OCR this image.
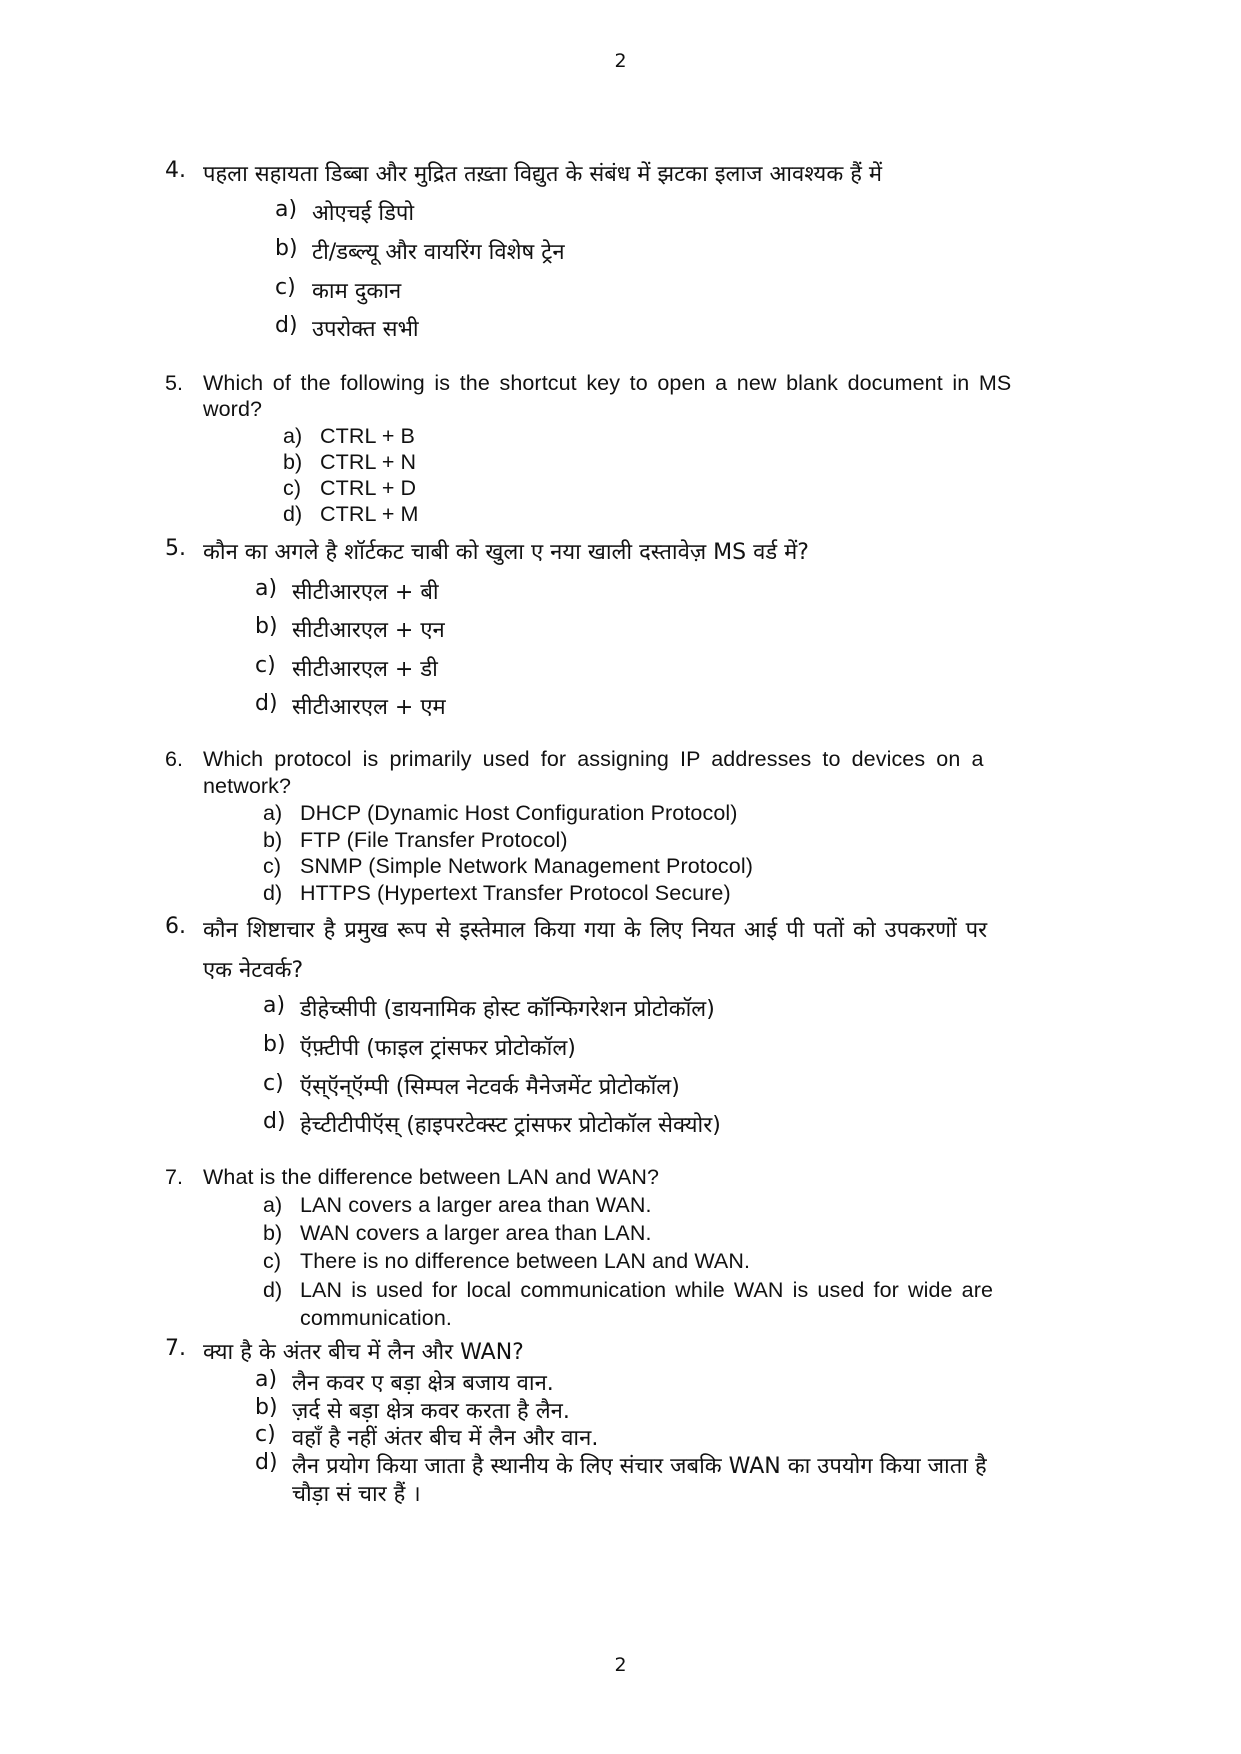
2
4. पहला सहायता डिब्बा और मुद्रित तख़्ता विद्युत के संबंध में झटका इलाज आवश्यक हैं में
a) ओएचई डिपो
b) टी/डब्ल्यू और वायरिंग विशेष ट्रेन
c) काम दुकान
d) उपरोक्त सभी
5. Which of the following is the shortcut key to open a new blank document in MS
word?
a) CTRL + B
b) CTRL + N
c) CTRL + D
d) CTRL + M
5. कौन का अगले है शॉर्टकट चाबी को खुला ए नया खाली दस्तावेज़ MS वर्ड में?
a) सीटीआरएल + बी
b) सीटीआरएल + एन
c) सीटीआरएल + डी
d) सीटीआरएल + एम
6. Which protocol is primarily used for assigning IP addresses to devices on a
network?
a) DHCP (Dynamic Host Configuration Protocol)
b) FTP (File Transfer Protocol)
c) SNMP (Simple Network Management Protocol)
d) HTTPS (Hypertext Transfer Protocol Secure)
6. कौन शिष्टाचार है प्रमुख रूप से इस्तेमाल किया गया के लिए नियत आई पी पतों को उपकरणों पर
एक नेटवर्क?
a) डीहेच्सीपी (डायनामिक होस्ट कॉन्फिगरेशन प्रोटोकॉल)
b) ऍफ़्टीपी (फाइल ट्रांसफर प्रोटोकॉल)
c) ऍस्ऍन्ऍम्पी (सिम्पल नेटवर्क मैनेजमेंट प्रोटोकॉल)
d) हेच्टीटीपीऍस् (हाइपरटेक्स्ट ट्रांसफर प्रोटोकॉल सेक्योर)
7. What is the difference between LAN and WAN?
a) LAN covers a larger area than WAN.
b) WAN covers a larger area than LAN.
c) There is no difference between LAN and WAN.
d) LAN is used for local communication while WAN is used for wide are
communication.
7. क्या है के अंतर बीच में लैन और WAN?
a) लैन कवर ए बड़ा क्षेत्र बजाय वान.
b) ज़र्द से बड़ा क्षेत्र कवर करता है लैन.
c) वहाँ है नहीं अंतर बीच में लैन और वान.
d) लैन प्रयोग किया जाता है स्थानीय के लिए संचार जबकि WAN का उपयोग किया जाता है
चौड़ा सं चार हैं ।
2
